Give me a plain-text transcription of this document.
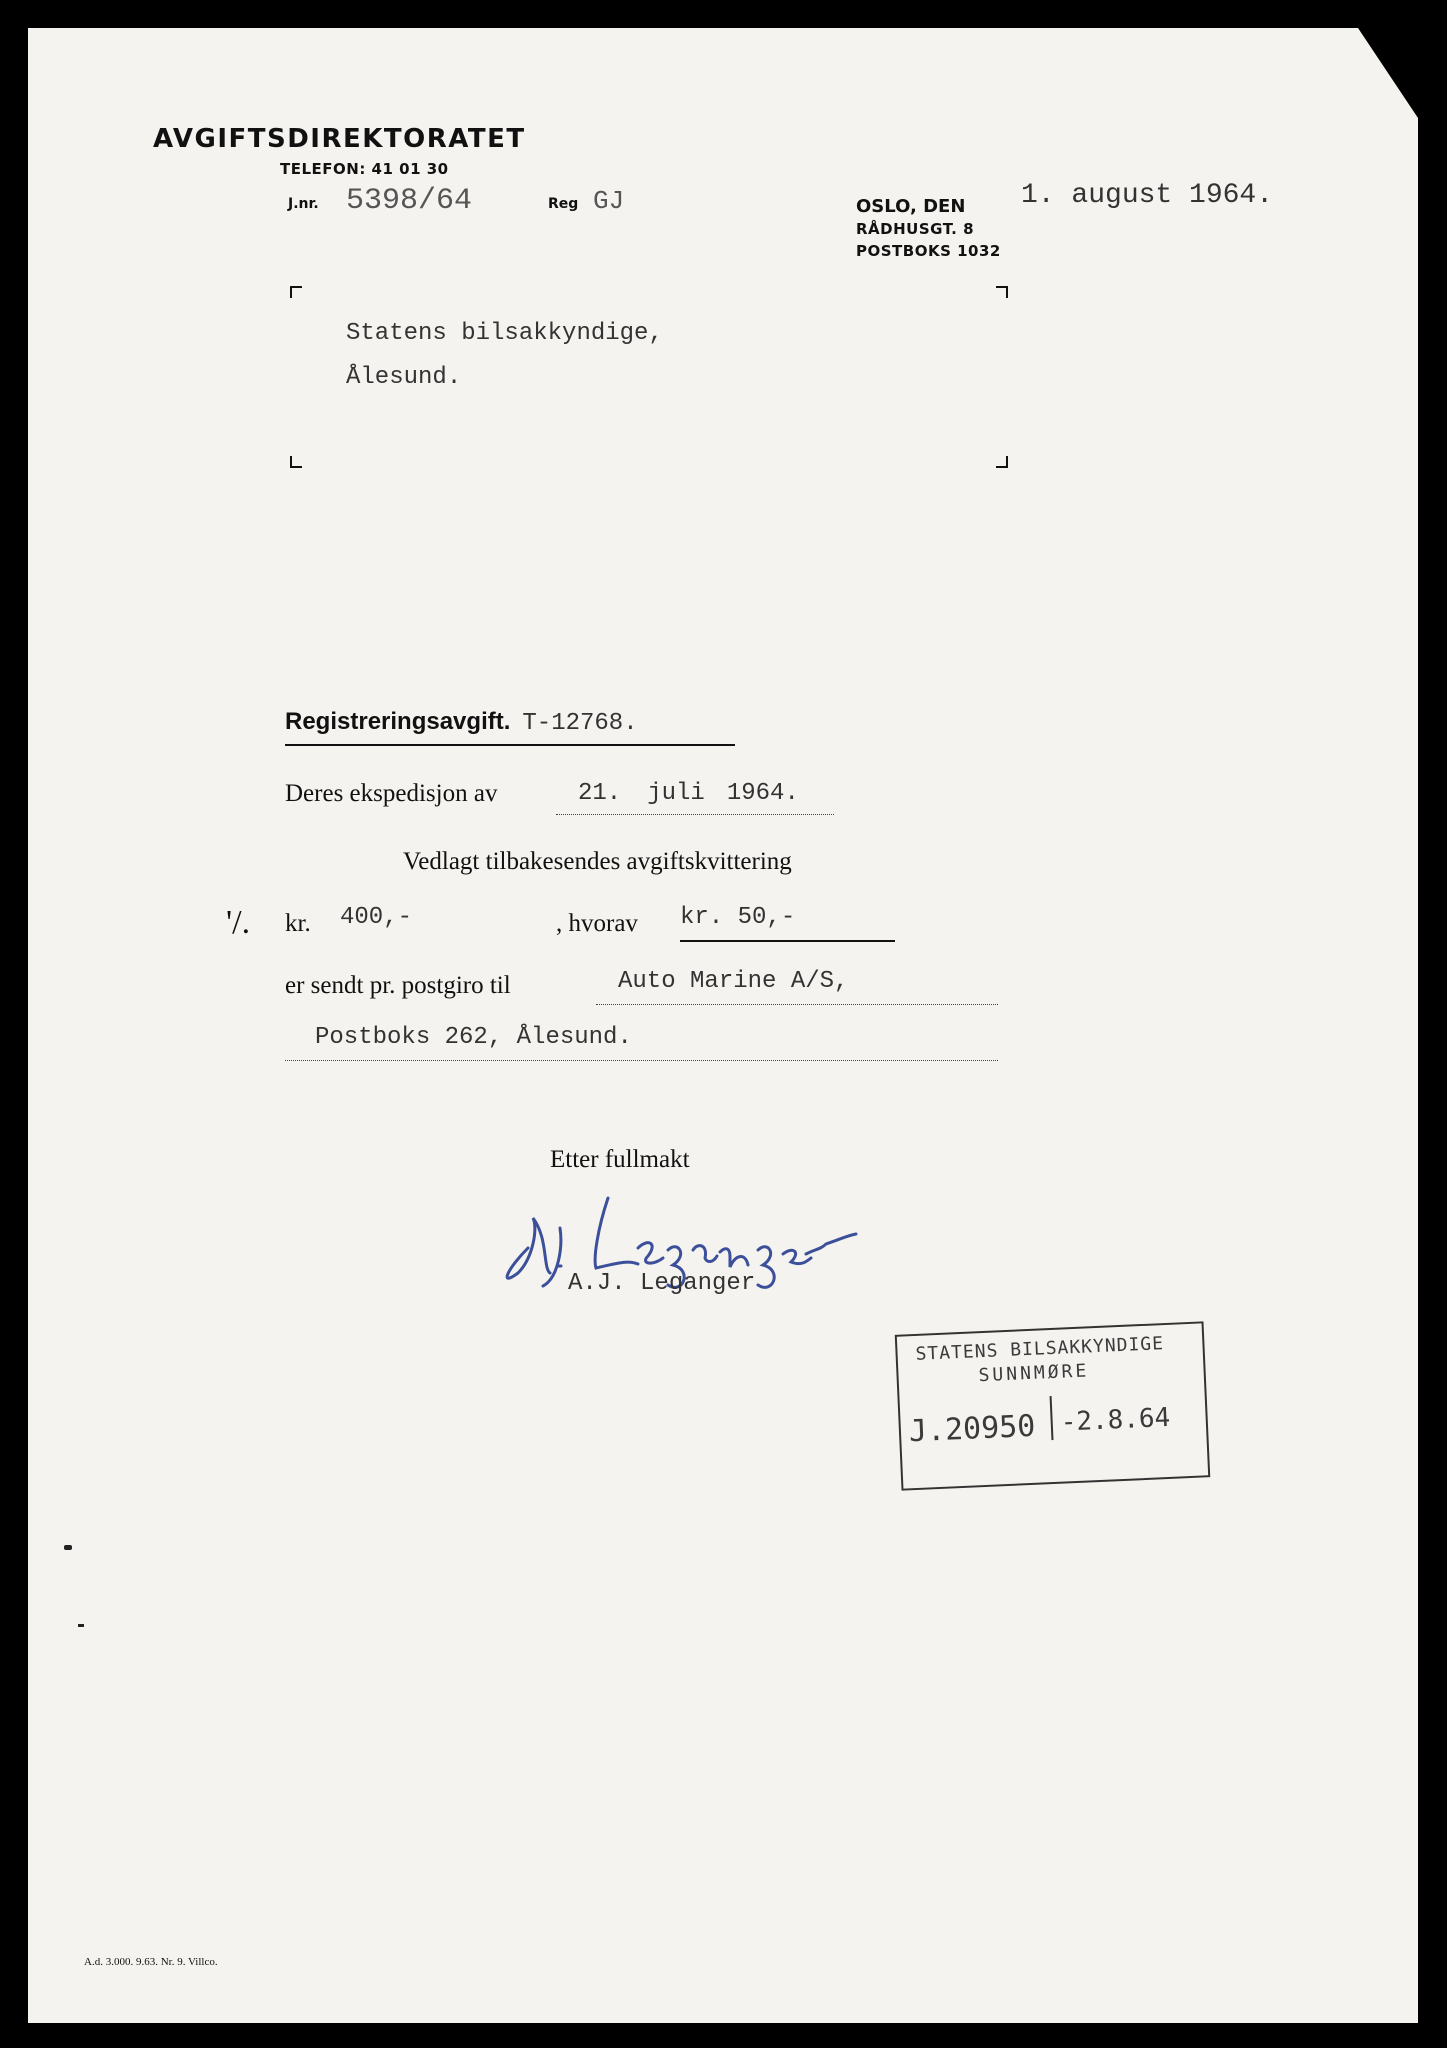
AVGIFTSDIREKTORATET
TELEFON: 41 01 30
J.nr. 5398/64	Reg GJ	OSLO, DEN 1. august 1964.
RÅDHUSGT. 8
POSTBOKS 1032
Statens bilsakkyndige,
Ålesund.
Registreringsavgift. T-12768.
Deres ekspedisjon av	21. juli 1964.
Vedlagt tilbakesendes avgiftskvittering
'/. kr. 400,-	, hvorav kr. 50,-
er sendt pr. postgiro til	Auto Marine A/S,
Postboks 262, Ålesund.
Etter fullmakt
A.J. Leganger
STATENS BILSAKKYNDIGE
SUNNMØRE
J.20950 -2.8.64
A.d. 3.000. 9.63. Nr. 9. Villco.
